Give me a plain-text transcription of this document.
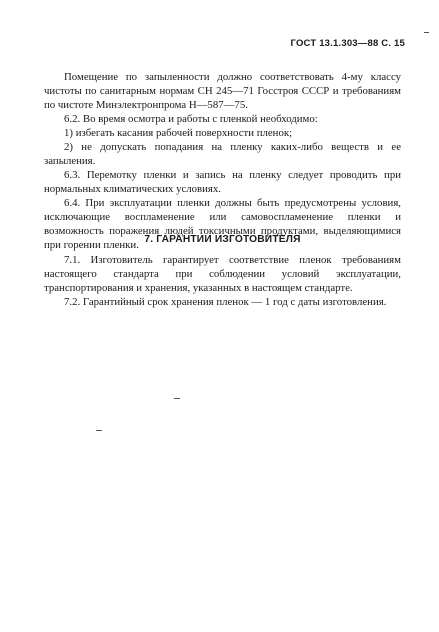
ГОСТ 13.1.303—88 С. 15

Помещение по запыленности должно соответствовать 4-му классу чистоты по санитарным нормам СН 245—71 Госстроя СССР и требованиям по чистоте Минэлектронпрома Н—587—75.

6.2. Во время осмотра и работы с пленкой необходимо:

1) избегать касания рабочей поверхности пленок;

2) не допускать попадания на пленку каких-либо веществ и ее запыления.

6.3. Перемотку пленки и запись на пленку следует проводить при нормальных климатических условиях.

6.4. При эксплуатации пленки должны быть предусмотрены условия, исключающие воспламенение или самовоспламенение пленки и возможность поражения людей токсичными продуктами, выделяющимися при горении пленки. 7. ГАРАНТИИ ИЗГОТОВИТЕЛЯ

7.1. Изготовитель гарантирует соответствие пленок требованиям настоящего стандарта при соблюдении условий эксплуатации, транспортирования и хранения, указанных в настоящем стандарте.

7.2. Гарантийный срок хранения пленок — 1 год с даты изготовления.
